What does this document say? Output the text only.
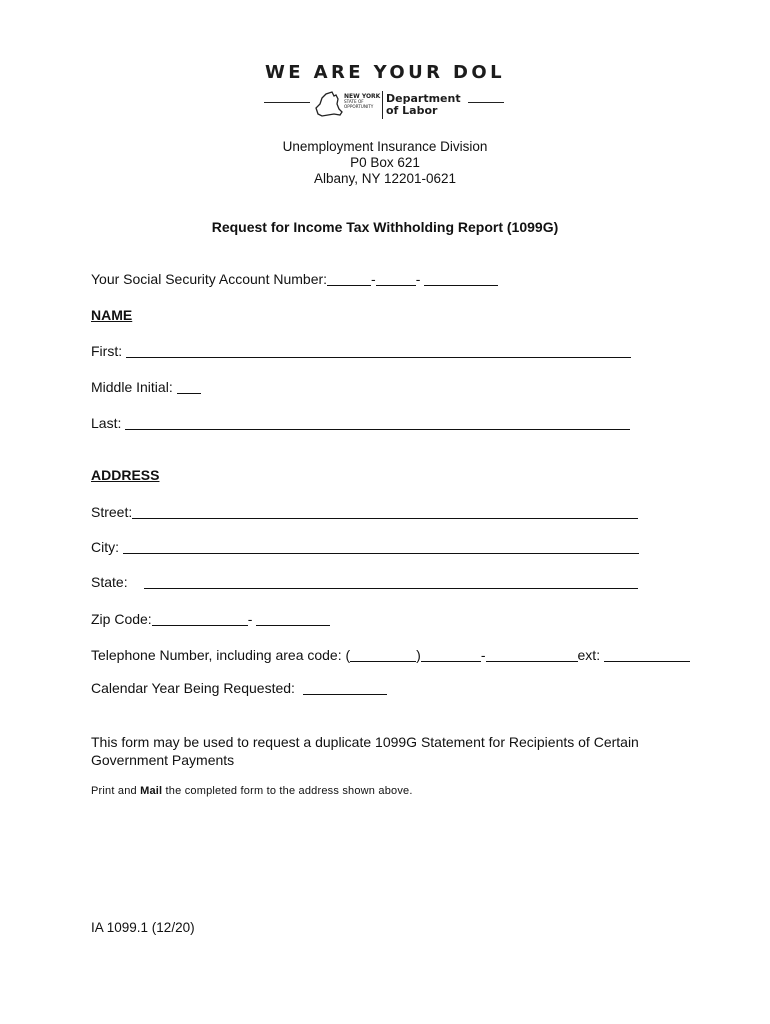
WE ARE YOUR DOL
NEW YORK
STATE OF
OPPORTUNITY
Department
of Labor
Unemployment Insurance Division
P0 Box 621
Albany, NY 12201-0621
Request for Income Tax Withholding Report (1099G)
Your Social Security Account Number:	-	-
NAME
First:
Middle Initial:
Last:
ADDRESS
Street:
City:
State:
Zip Code:	-
Telephone Number, including area code: (	)	-	ext:
Calendar Year Being Requested:
This form may be used to request a duplicate 1099G Statement for Recipients of Certain Government Payments
Print and Mail the completed form to the address shown above.
IA 1099.1 (12/20)
